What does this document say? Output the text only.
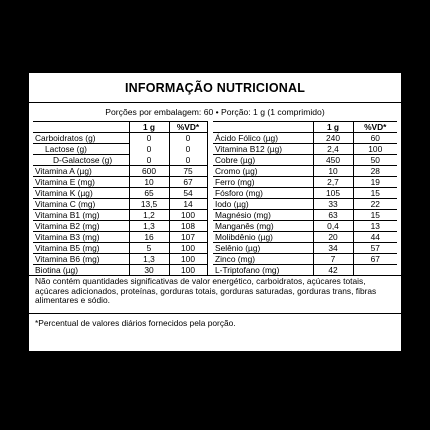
INFORMAÇÃO NUTRICIONAL
Porções por embalagem: 60 • Porção: 1 g (1 comprimido)
	1 g	%VD*			1 g	%VD*
Carboidratos (g)	0	0		Ácido Fólico (µg)	240	60
Lactose (g)	0	0		Vitamina B12 (µg)	2,4	100
D-Galactose (g)	0	0		Cobre (µg)	450	50
Vitamina A (µg)	600	75		Cromo (µg)	10	28
Vitamina E (mg)	10	67		Ferro (mg)	2,7	19
Vitamina K (µg)	65	54		Fósforo (mg)	105	15
Vitamina C (mg)	13,5	14		Iodo (µg)	33	22
Vitamina B1 (mg)	1,2	100		Magnésio (mg)	63	15
Vitamina B2 (mg)	1,3	108		Manganês (mg)	0,4	13
Vitamina B3 (mg)	16	107		Molibdênio (µg)	20	44
Vitamina B5 (mg)	5	100		Selênio (µg)	34	57
Vitamina B6 (mg)	1,3	100		Zinco (mg)	7	67
Biotina (µg)	30	100		L-Triptofano (mg)	42	
Não contém quantidades significativas de valor energético, carboidratos, açúcares totais, açúcares adicionados, proteínas, gorduras totais, gorduras saturadas, gorduras trans, fibras alimentares e sódio.
*Percentual de valores diários fornecidos pela porção.
